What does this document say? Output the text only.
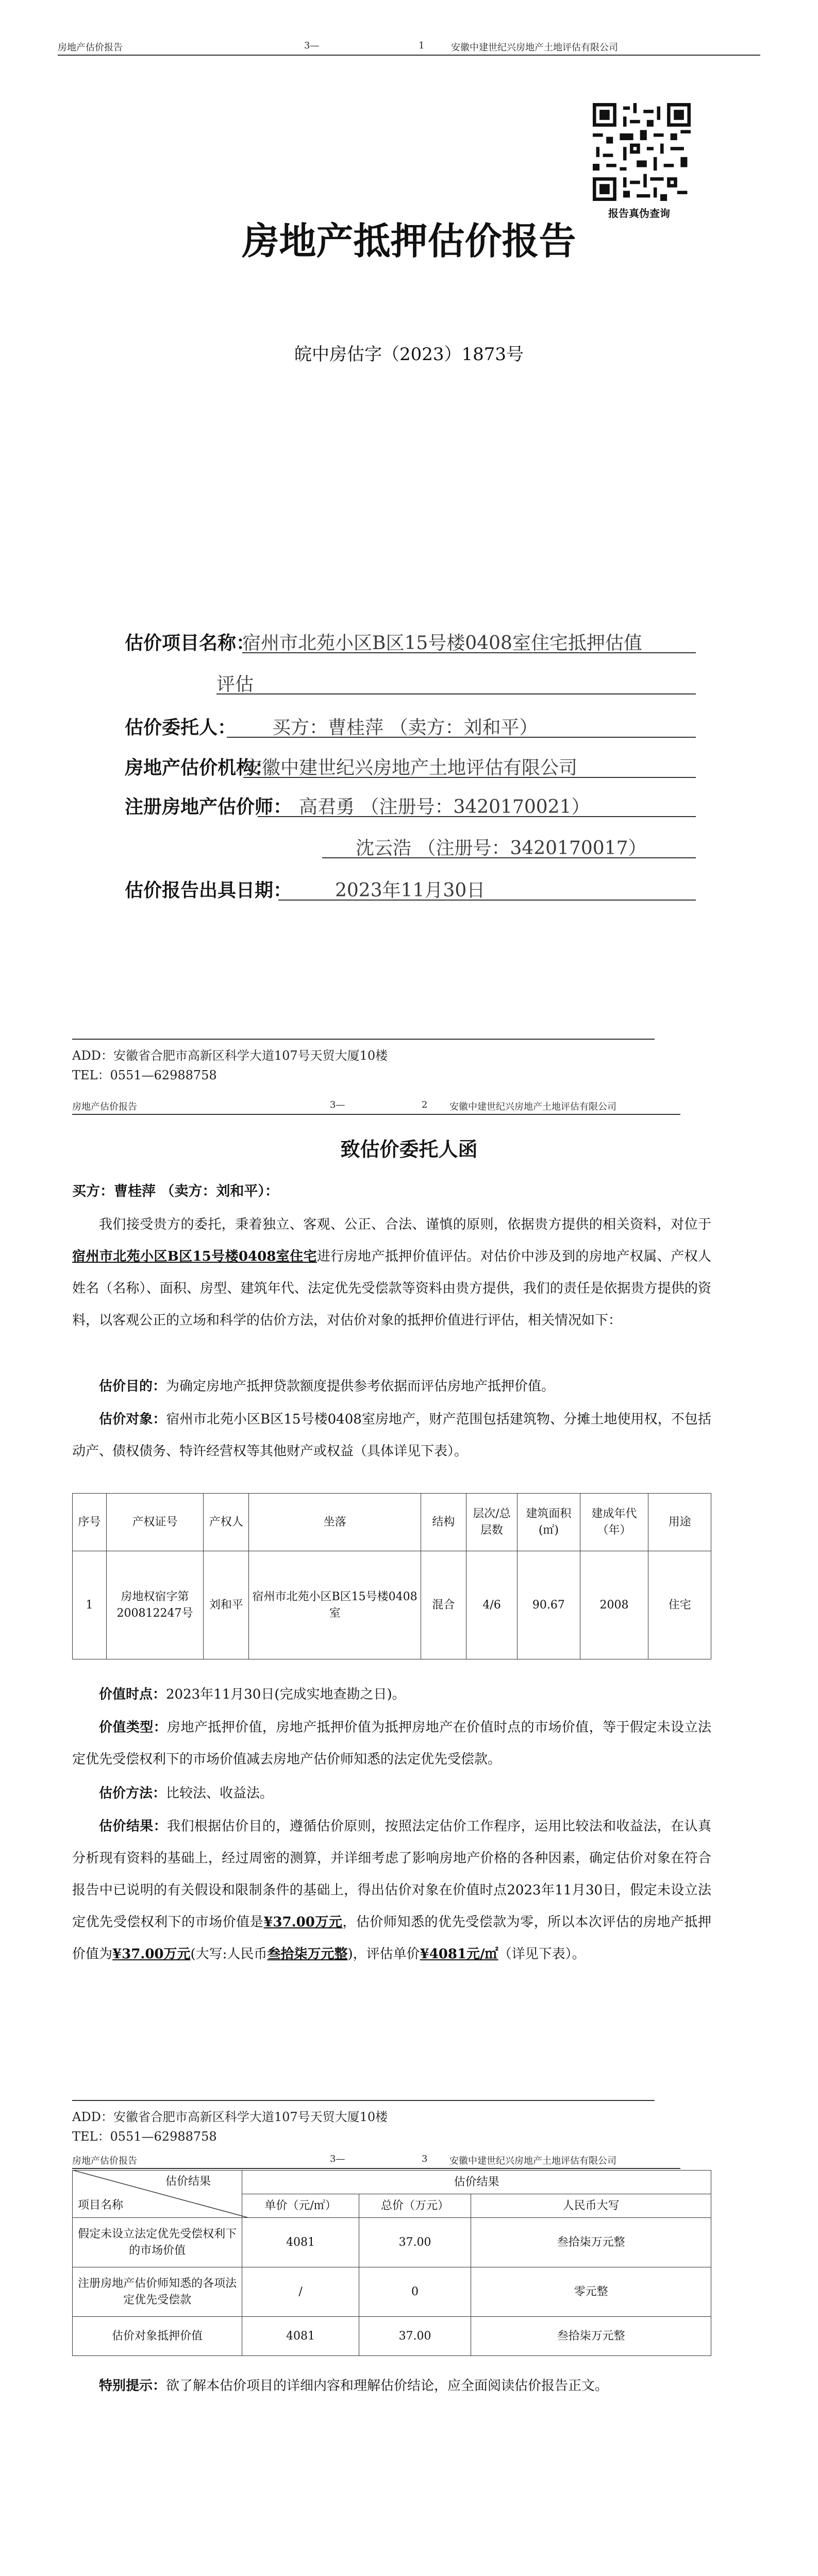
房地产估价报告	3—	1	安徽中建世纪兴房地产土地评估有限公司
报告真伪查询
房地产抵押估价报告
皖中房估字（2023）1873号
估价项目名称：
宿州市北苑小区B区15号楼0408室住宅抵押估值
评估
估价委托人： 买方：曹桂萍 （卖方：刘和平）
房地产估价机构：
安徽中建世纪兴房地产土地评估有限公司
注册房地产估价师： 高君勇 （注册号：3420170021）
沈云浩 （注册号：3420170017）
估价报告出具日期： 2023年11月30日
ADD：安徽省合肥市高新区科学大道107号天贸大厦10楼
TEL：0551—62988758
房地产估价报告	3—	2 安徽中建世纪兴房地产土地评估有限公司
致估价委托人函
买方：曹桂萍 （卖方：刘和平）：
我们接受贵方的委托，秉着独立、客观、公正、合法、谨慎的原则，依据贵方提供的相关资料，对位于宿州市北苑小区B区15号楼0408室住宅进行房地产抵押价值评估。对估价中涉及到的房地产权属、产权人姓名（名称）、面积、房型、建筑年代、法定优先受偿款等资料由贵方提供，我们的责任是依据贵方提供的资料，以客观公正的立场和科学的估价方法，对估价对象的抵押价值进行评估，相关情况如下：
估价目的：为确定房地产抵押贷款额度提供参考依据而评估房地产抵押价值。
估价对象：宿州市北苑小区B区15号楼0408室房地产，财产范围包括建筑物、分摊土地使用权，不包括动产、债权债务、特许经营权等其他财产或权益（具体详见下表）。
序号	产权证号	产权人	坐落	结构	层次/总层数	建筑面积(㎡)	建成年代（年）	用途
1	房地权宿字第200812247号	刘和平	宿州市北苑小区B区15号楼0408室	混合	4/6	90.67	2008	住宅
价值时点：2023年11月30日(完成实地查勘之日)。
价值类型：房地产抵押价值，房地产抵押价值为抵押房地产在价值时点的市场价值，等于假定未设立法定优先受偿权利下的市场价值减去房地产估价师知悉的法定优先受偿款。
估价方法：比较法、收益法。
估价结果：我们根据估价目的，遵循估价原则，按照法定估价工作程序，运用比较法和收益法，在认真分析现有资料的基础上，经过周密的测算，并详细考虑了影响房地产价格的各种因素，确定估价对象在符合报告中已说明的有关假设和限制条件的基础上，得出估价对象在价值时点2023年11月30日，假定未设立法定优先受偿权利下的市场价值是¥37.00万元，估价师知悉的优先受偿款为零，所以本次评估的房地产抵押价值为¥37.00万元(大写:人民币叁拾柒万元整)，评估单价¥4081元/㎡（详见下表）。
ADD：安徽省合肥市高新区科学大道107号天贸大厦10楼
TEL：0551—62988758
房地产估价报告	3—	3 安徽中建世纪兴房地产土地评估有限公司
估价结果
项目名称	估价结果		
	单价（元/㎡）	总价（万元）	人民币大写
假定未设立法定优先受偿权利下的市场价值	4081	37.00	叁拾柒万元整
注册房地产估价师知悉的各项法定优先受偿款	/	0	零元整
估价对象抵押价值	4081	37.00	叁拾柒万元整
特别提示：欲了解本估价项目的详细内容和理解估价结论，应全面阅读估价报告正文。
